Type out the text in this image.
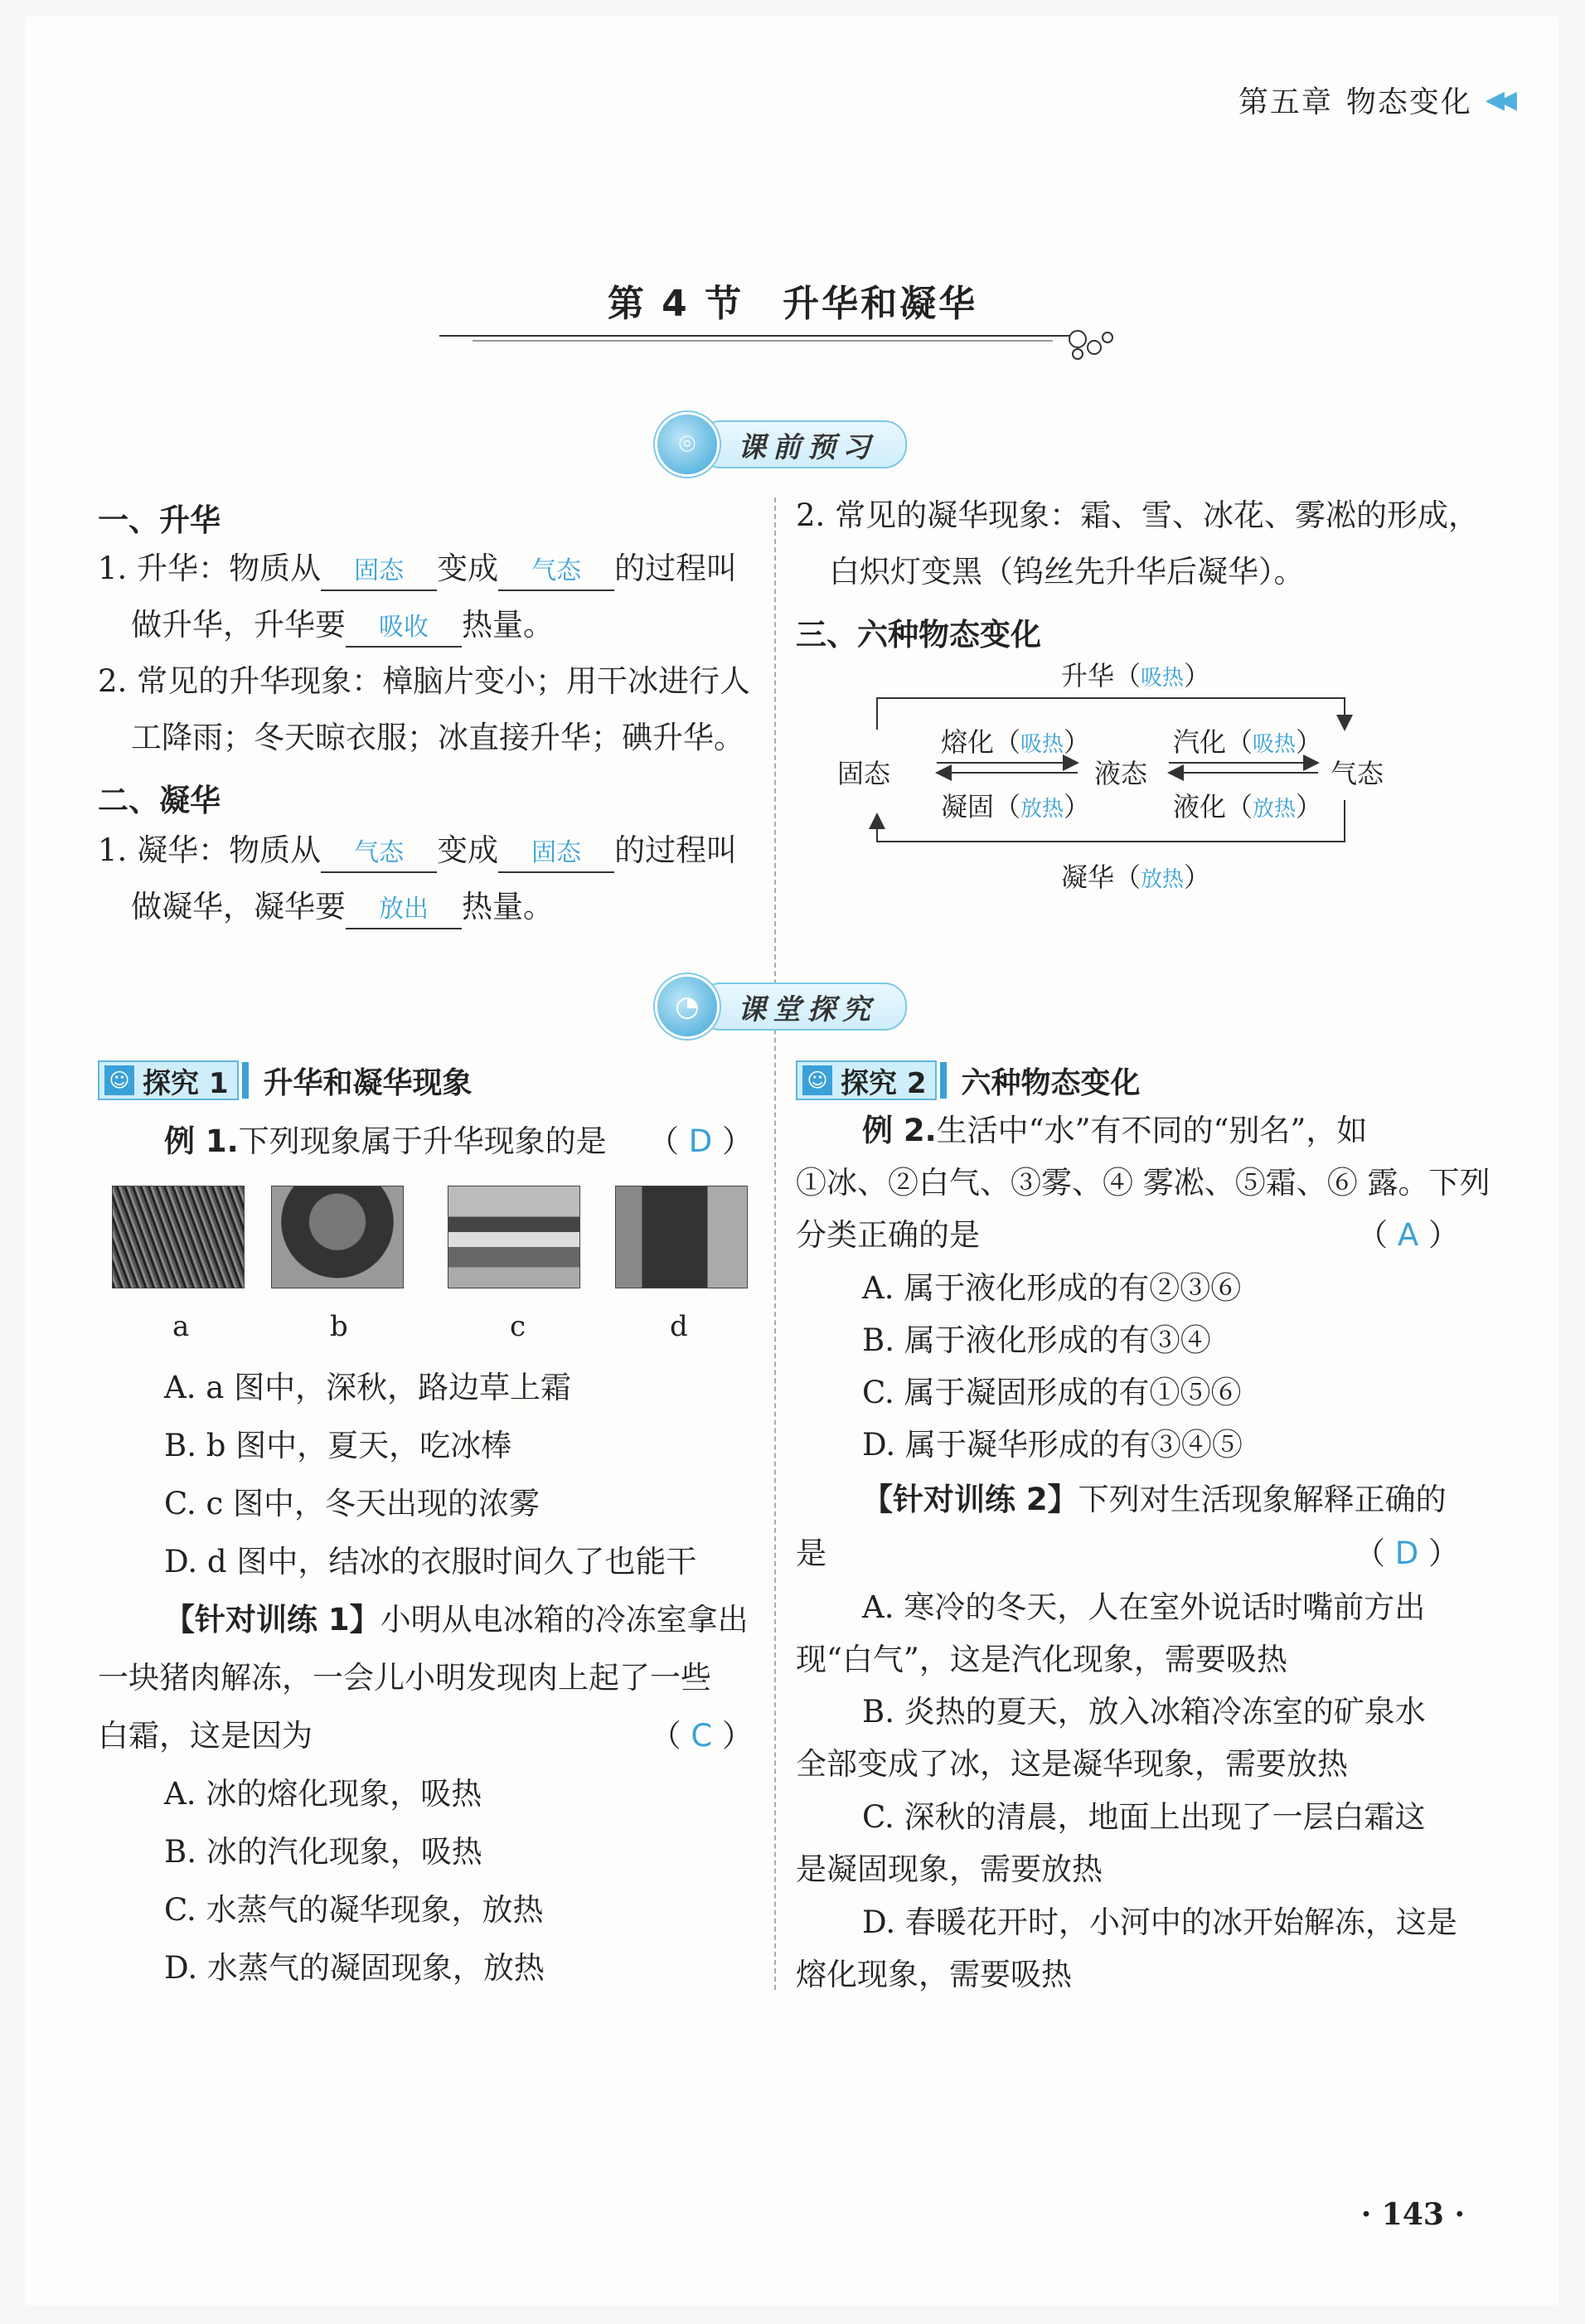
第五章 物态变化 ◀◀
第 4 节　升华和凝华
⌾	课前预习
一、升华
1. 升华：物质从 固态 变成 气态 的过程叫
做升华，升华要 吸收 热量。
2. 常见的升华现象：樟脑片变小；用干冰进行人
工降雨；冬天晾衣服；冰直接升华；碘升华。
二、凝华
1. 凝华：物质从 气态 变成 固态 的过程叫
做凝华，凝华要 放出 热量。
2. 常见的凝华现象：霜、雪、冰花、雾凇的形成，
白炽灯变黑（钨丝先升华后凝华）。
三、六种物态变化
升华（吸热）
熔化（吸热）	汽化（吸热）
固态	液态	气态
凝固（放热）	液化（放热）
凝华（放热）
◔	课堂探究
☺ 探究 1 升华和凝华现象
例 1.下列现象属于升华现象的是 （ D ）
a	b	c	d
A. a 图中，深秋，路边草上霜
B. b 图中，夏天，吃冰棒
C. c 图中，冬天出现的浓雾
D. d 图中，结冰的衣服时间久了也能干
【针对训练 1】小明从电冰箱的冷冻室拿出
一块猪肉解冻，一会儿小明发现肉上起了一些
白霜，这是因为	（ C ）
A. 冰的熔化现象，吸热
B. 冰的汽化现象，吸热
C. 水蒸气的凝华现象，放热
D. 水蒸气的凝固现象，放热
☺ 探究 2 六种物态变化
例 2.生活中“水”有不同的“别名”，如
①冰、②白气、③雾、④ 雾凇、⑤霜、⑥ 露。下列
分类正确的是	（ A ）
A. 属于液化形成的有②③⑥
B. 属于液化形成的有③④
C. 属于凝固形成的有①⑤⑥
D. 属于凝华形成的有③④⑤
【针对训练 2】下列对生活现象解释正确的
是	（ D ）
A. 寒冷的冬天，人在室外说话时嘴前方出
现“白气”，这是汽化现象，需要吸热
B. 炎热的夏天，放入冰箱冷冻室的矿泉水
全部变成了冰，这是凝华现象，需要放热
C. 深秋的清晨，地面上出现了一层白霜这
是凝固现象，需要放热
D. 春暖花开时，小河中的冰开始解冻，这是
熔化现象，需要吸热
· 143 ·
